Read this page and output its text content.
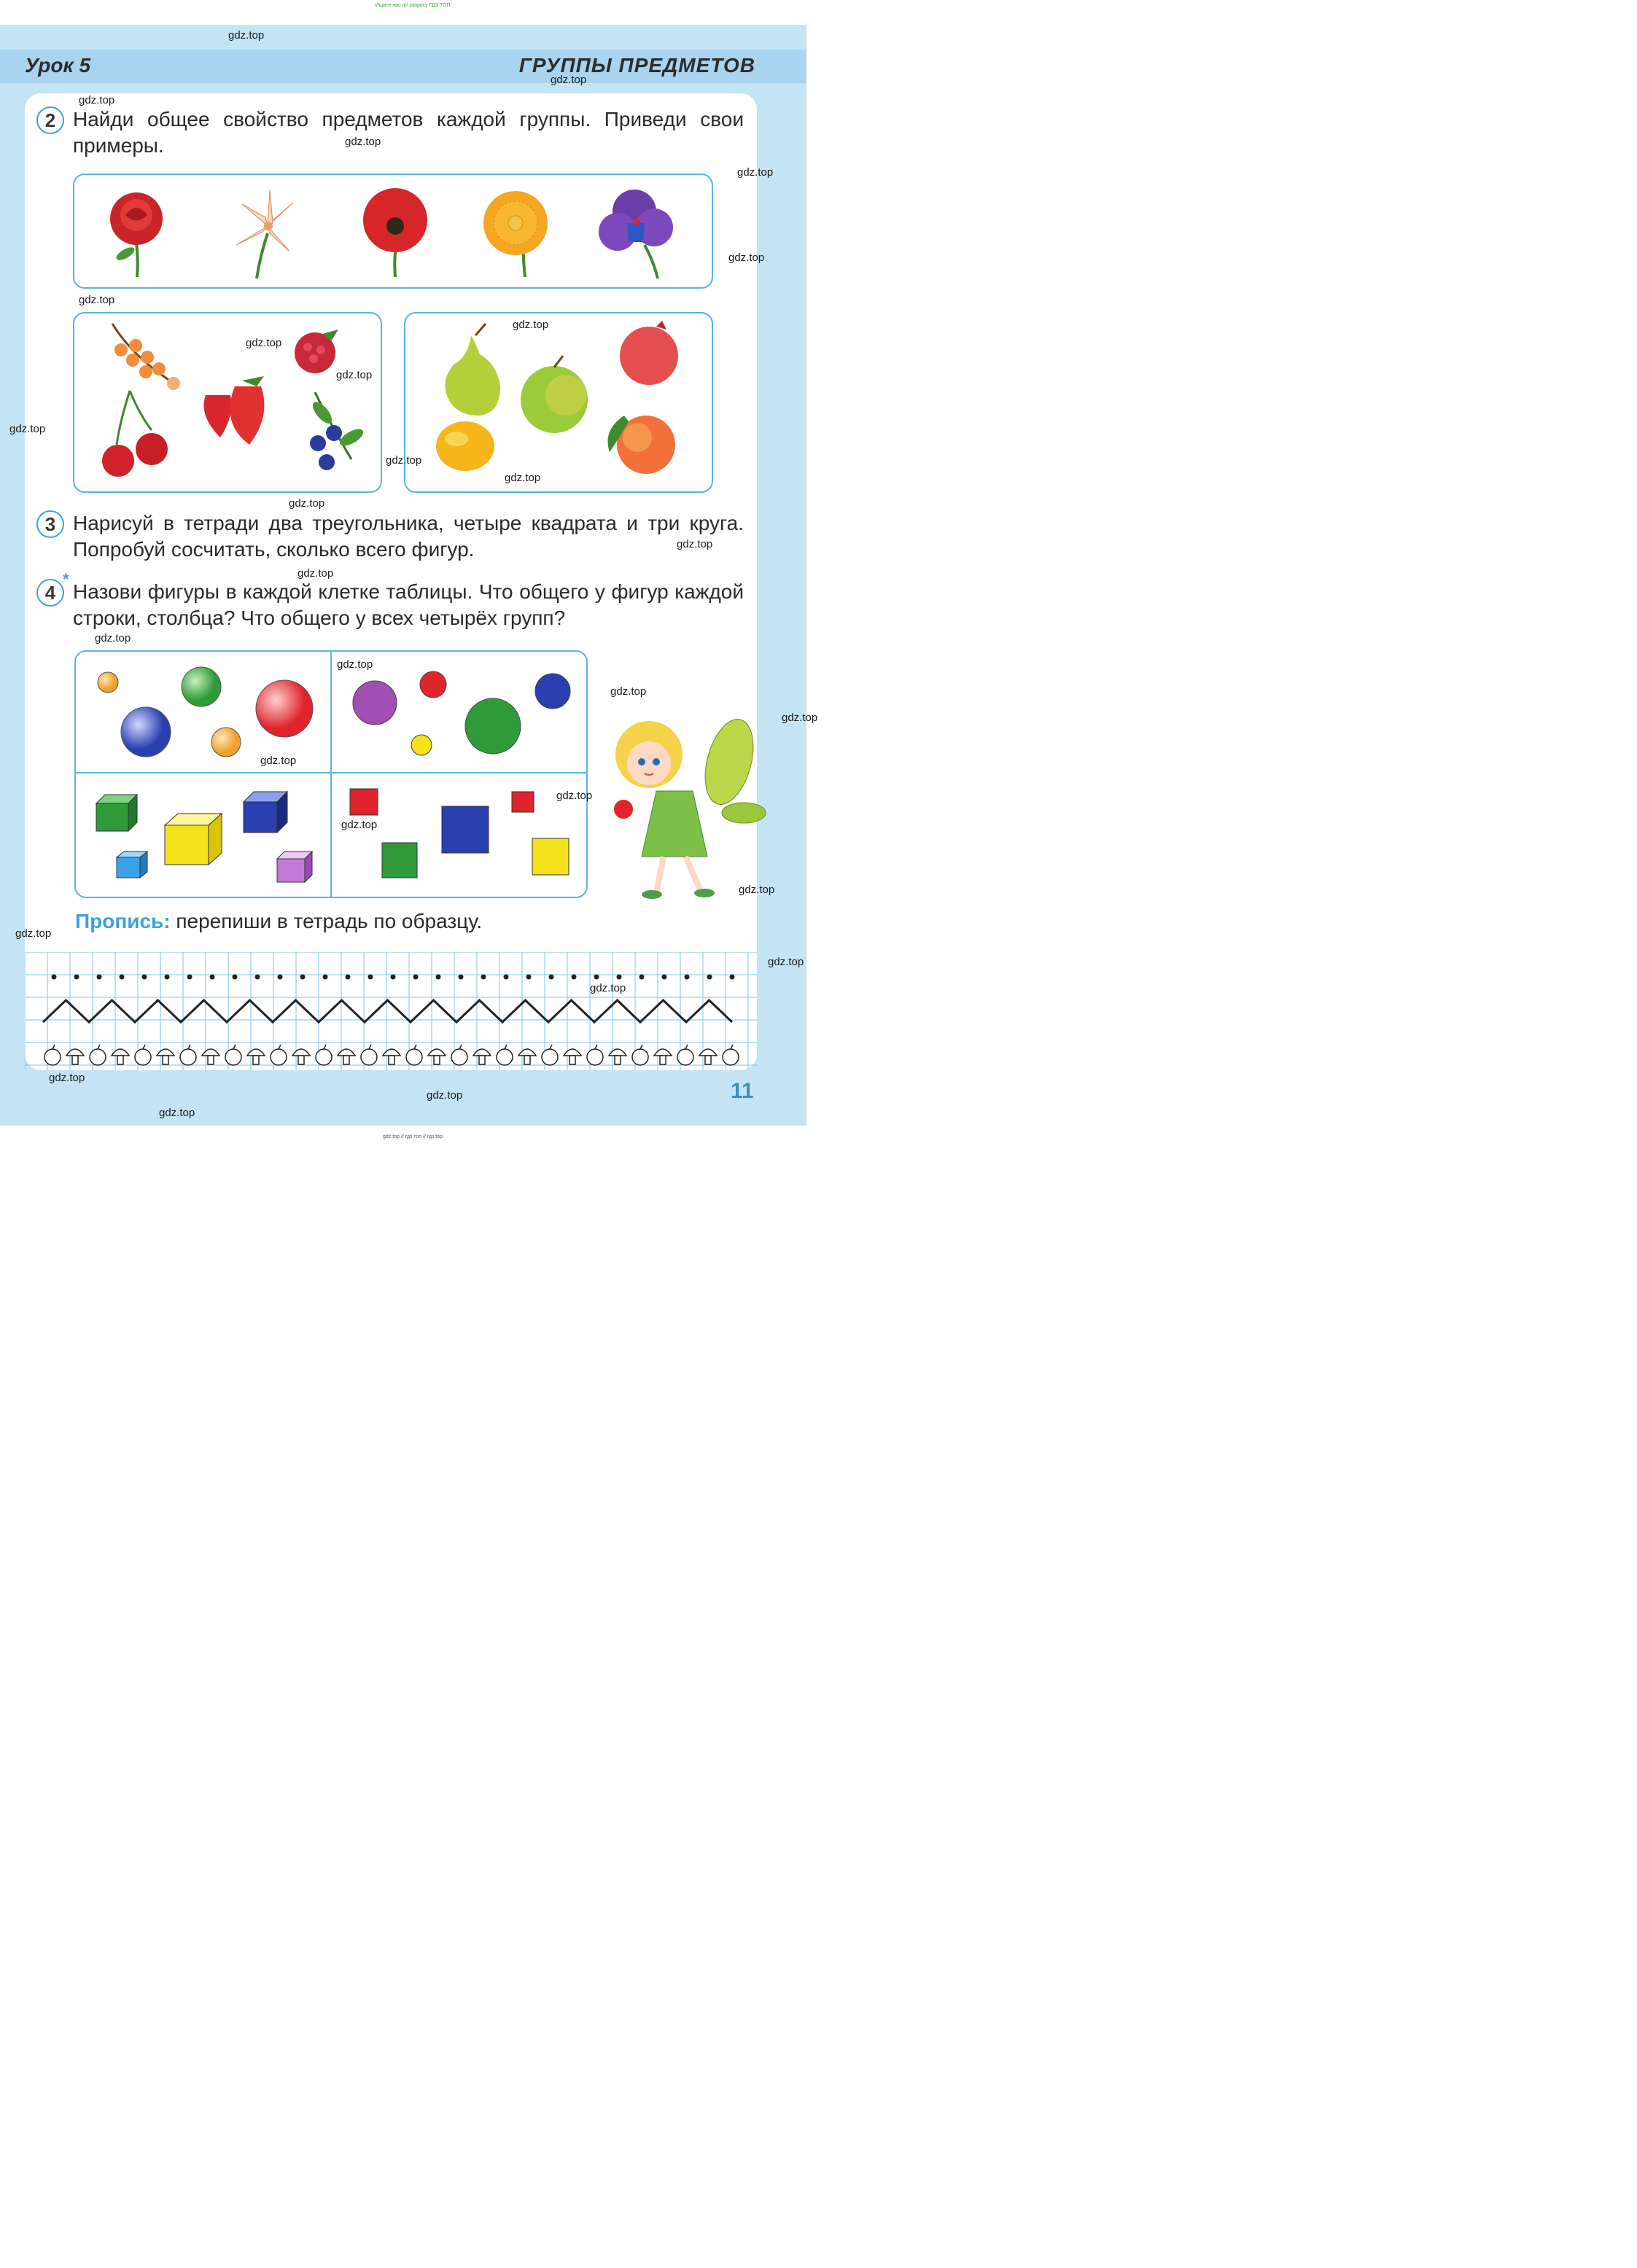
Ищите нас по запросу ГДЗ ТОП
Урок 5	ГРУППЫ ПРЕДМЕТОВ
2 Найди общее свойство предметов каждой группы. Приведи свои примеры.
3 Нарисуй в тетради два треугольника, четыре квадрата и три круга. Попробуй сосчитать, сколько всего фигур.
*
4 Назови фигуры в каждой клетке таблицы. Что общего у фигур каждой строки, столбца? Что общего у всех четырёх групп?
Пропись: перепиши в тетрадь по образцу.
11
gdz.top
gdz.top
gdz.top
gdz.top
gdz.top
gdz.top
gdz.top
gdz.top
gdz.top
gdz.top
gdz.top
gdz.top
gdz.top
gdz.top
gdz.top
gdz.top
gdz.top
gdz.top
gdz.top
gdz.top
gdz.top
gdz.top
gdz.top
gdz.top
gdz.top
gdz.top
gdz.top
gdz.top
gdz.top
gdz.top
gdz.top // гдз топ // гдз.top
